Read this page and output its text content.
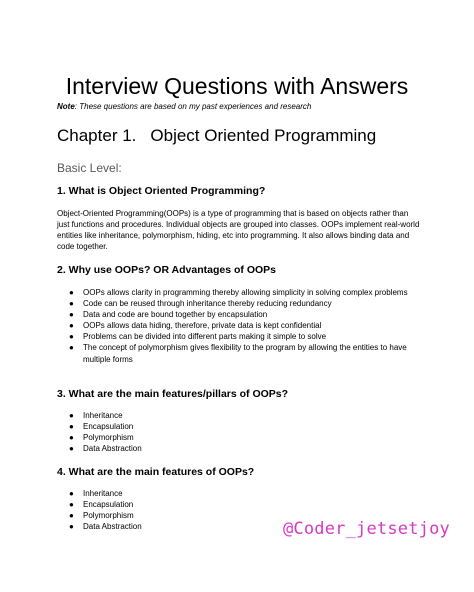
Interview Questions with Answers

Note: These questions are based on my past experiences and research

Chapter 1. Object Oriented Programming
Basic Level:
1. What is Object Oriented Programming?

Object-Oriented Programming(OOPs) is a type of programming that is based on objects rather than just functions and procedures. Individual objects are grouped into classes. OOPs implement real-world entities like inheritance, polymorphism, hiding, etc into programming. It also allows binding data and code together.

2. Why use OOPs? OR Advantages of OOPs
● OOPs allows clarity in programming thereby allowing simplicity in solving complex problems
● Code can be reused through inheritance thereby reducing redundancy
● Data and code are bound together by encapsulation
● OOPs allows data hiding, therefore, private data is kept confidential
● Problems can be divided into different parts making it simple to solve
● The concept of polymorphism gives flexibility to the program by allowing the entities to have multiple forms
3. What are the main features/pillars of OOPs?
● Inheritance
● Encapsulation
● Polymorphism
● Data Abstraction
4. What are the main features of OOPs?
● Inheritance
● Encapsulation
● Polymorphism
● Data Abstraction	@Coder_jetsetjoy
